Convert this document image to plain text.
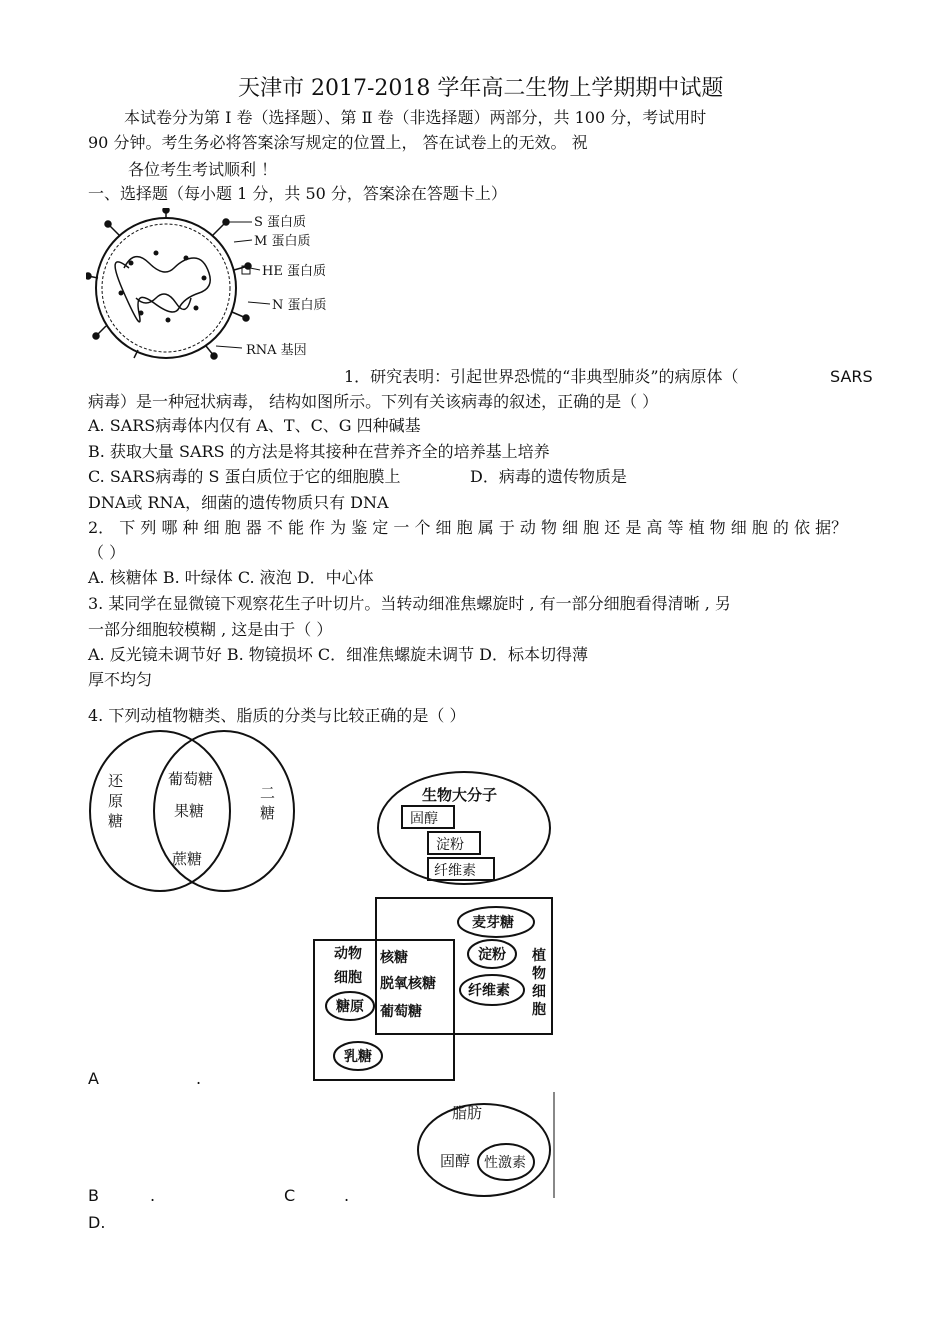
天津市 2017-2018 学年高二生物上学期期中试题
本试卷分为第 Ⅰ 卷（选择题）、第 Ⅱ 卷（非选择题）两部分，共 100 分，考试用时
90 分钟。考生务必将答案涂写规定的位置上， 答在试卷上的无效。 祝
各位考生考试顺利 ！
一、选择题（每小题 1 分，共 50 分，答案涂在答题卡上）
S 蛋白质
M 蛋白质
HE 蛋白质
N 蛋白质
RNA 基因
1．研究表明：引起世界恐慌的“非典型肺炎”的病原体（	SARS
病毒）是一种冠状病毒， 结构如图所示。下列有关该病毒的叙述，正确的是（ ）
A. SARS病毒体内仅有 A、T、C、G 四种碱基
B. 获取大量 SARS 的方法是将其接种在营养齐全的培养基上培养
C. SARS病毒的 S 蛋白质位于它的细胞膜上	D．病毒的遗传物质是
DNA或 RNA，细菌的遗传物质只有 DNA
2． 下 列 哪 种 细 胞 器 不 能 作 为 鉴 定 一 个 细 胞 属 于 动 物 细 胞 还 是 高 等 植 物 细 胞 的 依 据？
（ ）
A. 核糖体 B. 叶绿体 C. 液泡 D．中心体
3. 某同学在显微镜下观察花生子叶切片。当转动细准焦螺旋时 , 有一部分细胞看得清晰 , 另
一部分细胞较模糊 , 这是由于（ ）
A. 反光镜未调节好 B. 物镜损坏 C．细准焦螺旋未调节 D．标本切得薄
厚不均匀
4. 下列动植物糖类、脂质的分类与比较正确的是（ ）
还
原
糖
二
糖
葡萄糖
果糖
蔗糖
生物大分子
固醇
淀粉
纤维素
动物
细胞
糖原
乳糖
核糖
脱氧核糖
葡萄糖
麦芽糖
淀粉
纤维素
植
物
细
胞
脂肪
固醇 性激素
A	.
B	.	C	.
D.
